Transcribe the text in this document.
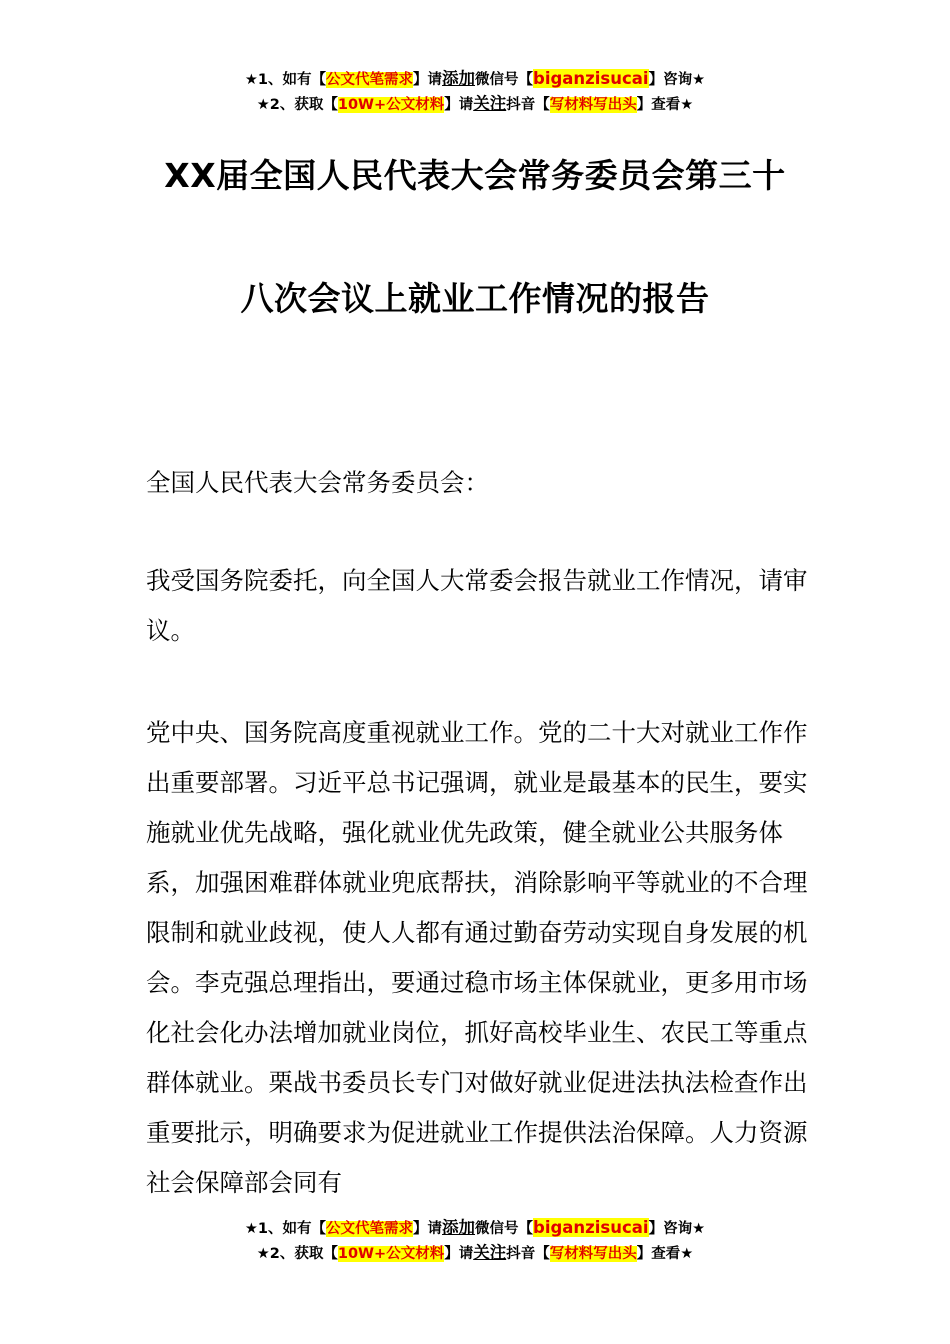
★1、如有【公文代笔需求】请添加微信号【biganzisucai】咨询★
★2、获取【10W+公文材料】请关注抖音【写材料写出头】查看★
XX届全国人民代表大会常务委员会第三十
八次会议上就业工作情况的报告

全国人民代表大会常务委员会：

我受国务院委托，向全国人大常委会报告就业工作情况，请审议。

党中央、国务院高度重视就业工作。党的二十大对就业工作作出重要部署。习近平总书记强调，就业是最基本的民生，要实施就业优先战略，强化就业优先政策，健全就业公共服务体系，加强困难群体就业兜底帮扶，消除影响平等就业的不合理限制和就业歧视，使人人都有通过勤奋劳动实现自身发展的机会。李克强总理指出，要通过稳市场主体保就业，更多用市场化社会化办法增加就业岗位，抓好高校毕业生、农民工等重点群体就业。栗战书委员长专门对做好就业促进法执法检查作出重要批示，明确要求为促进就业工作提供法治保障。人力资源社会保障部会同有

★1、如有【公文代笔需求】请添加微信号【biganzisucai】咨询★
★2、获取【10W+公文材料】请关注抖音【写材料写出头】查看★
